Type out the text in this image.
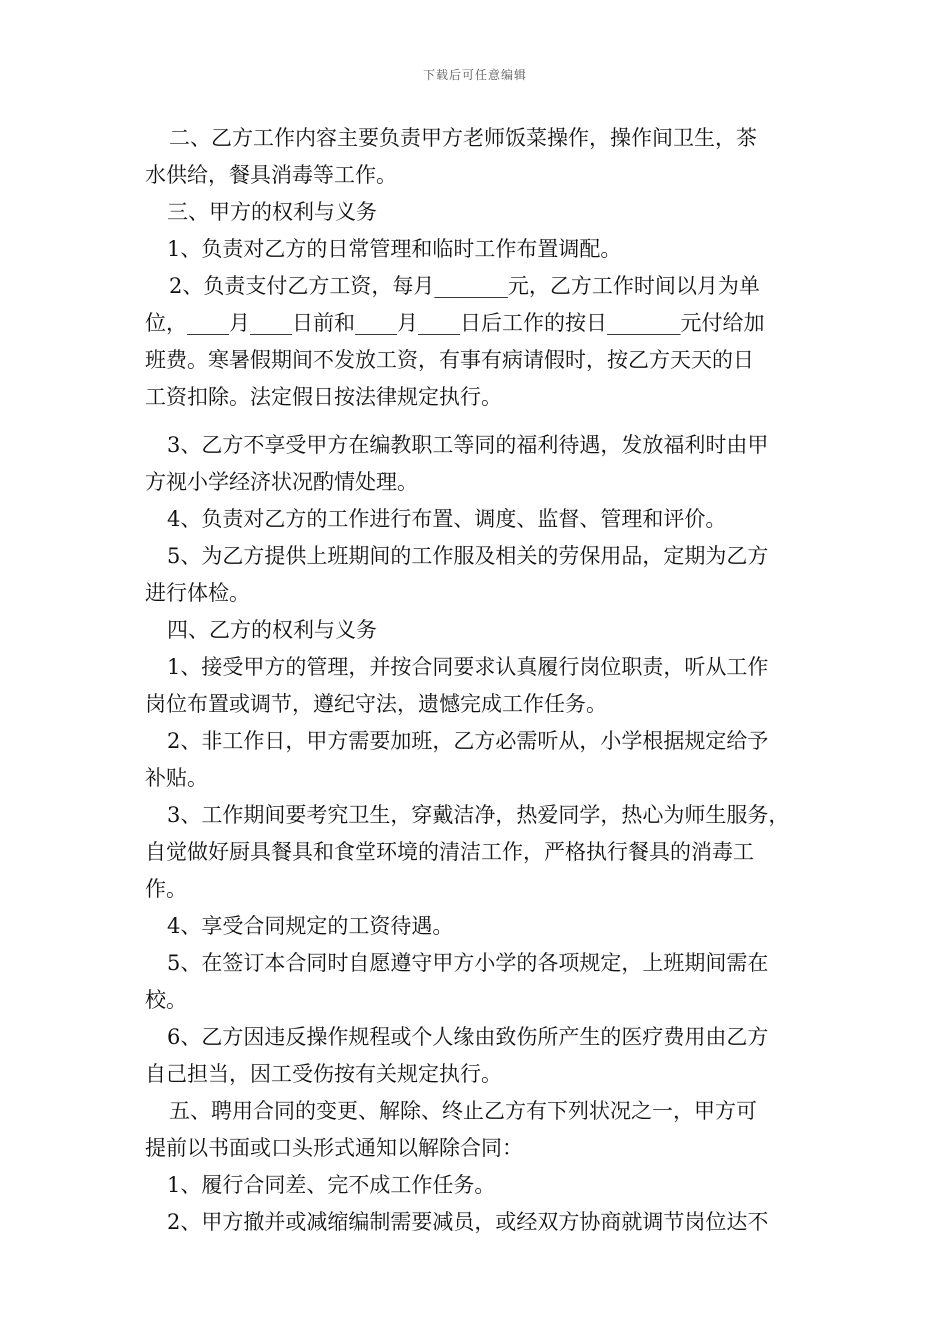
下载后可任意编辑
二、乙方工作内容主要负责甲方老师饭菜操作，操作间卫生，茶
水供给，餐具消毒等工作。
三、甲方的权利与义务
1、负责对乙方的日常管理和临时工作布置调配。
2、负责支付乙方工资，每月_______元，乙方工作时间以月为单
位，____月____日前和____月____日后工作的按日_______元付给加
班费。寒暑假期间不发放工资，有事有病请假时，按乙方天天的日
工资扣除。法定假日按法律规定执行。
3、乙方不享受甲方在编教职工等同的福利待遇，发放福利时由甲
方视小学经济状况酌情处理。
4、负责对乙方的工作进行布置、调度、监督、管理和评价。
5、为乙方提供上班期间的工作服及相关的劳保用品，定期为乙方
进行体检。
四、乙方的权利与义务
1、接受甲方的管理，并按合同要求认真履行岗位职责，听从工作
岗位布置或调节，遵纪守法，遗憾完成工作任务。
2、非工作日，甲方需要加班，乙方必需听从，小学根据规定给予
补贴。
3、工作期间要考究卫生，穿戴洁净，热爱同学，热心为师生服务，
自觉做好厨具餐具和食堂环境的清洁工作，严格执行餐具的消毒工
作。
4、享受合同规定的工资待遇。
5、在签订本合同时自愿遵守甲方小学的各项规定，上班期间需在
校。
6、乙方因违反操作规程或个人缘由致伤所产生的医疗费用由乙方
自己担当，因工受伤按有关规定执行。
五、聘用合同的变更、解除、终止乙方有下列状况之一，甲方可
提前以书面或口头形式通知以解除合同：
1、履行合同差、完不成工作任务。
2、甲方撤并或减缩编制需要减员，或经双方协商就调节岗位达不
